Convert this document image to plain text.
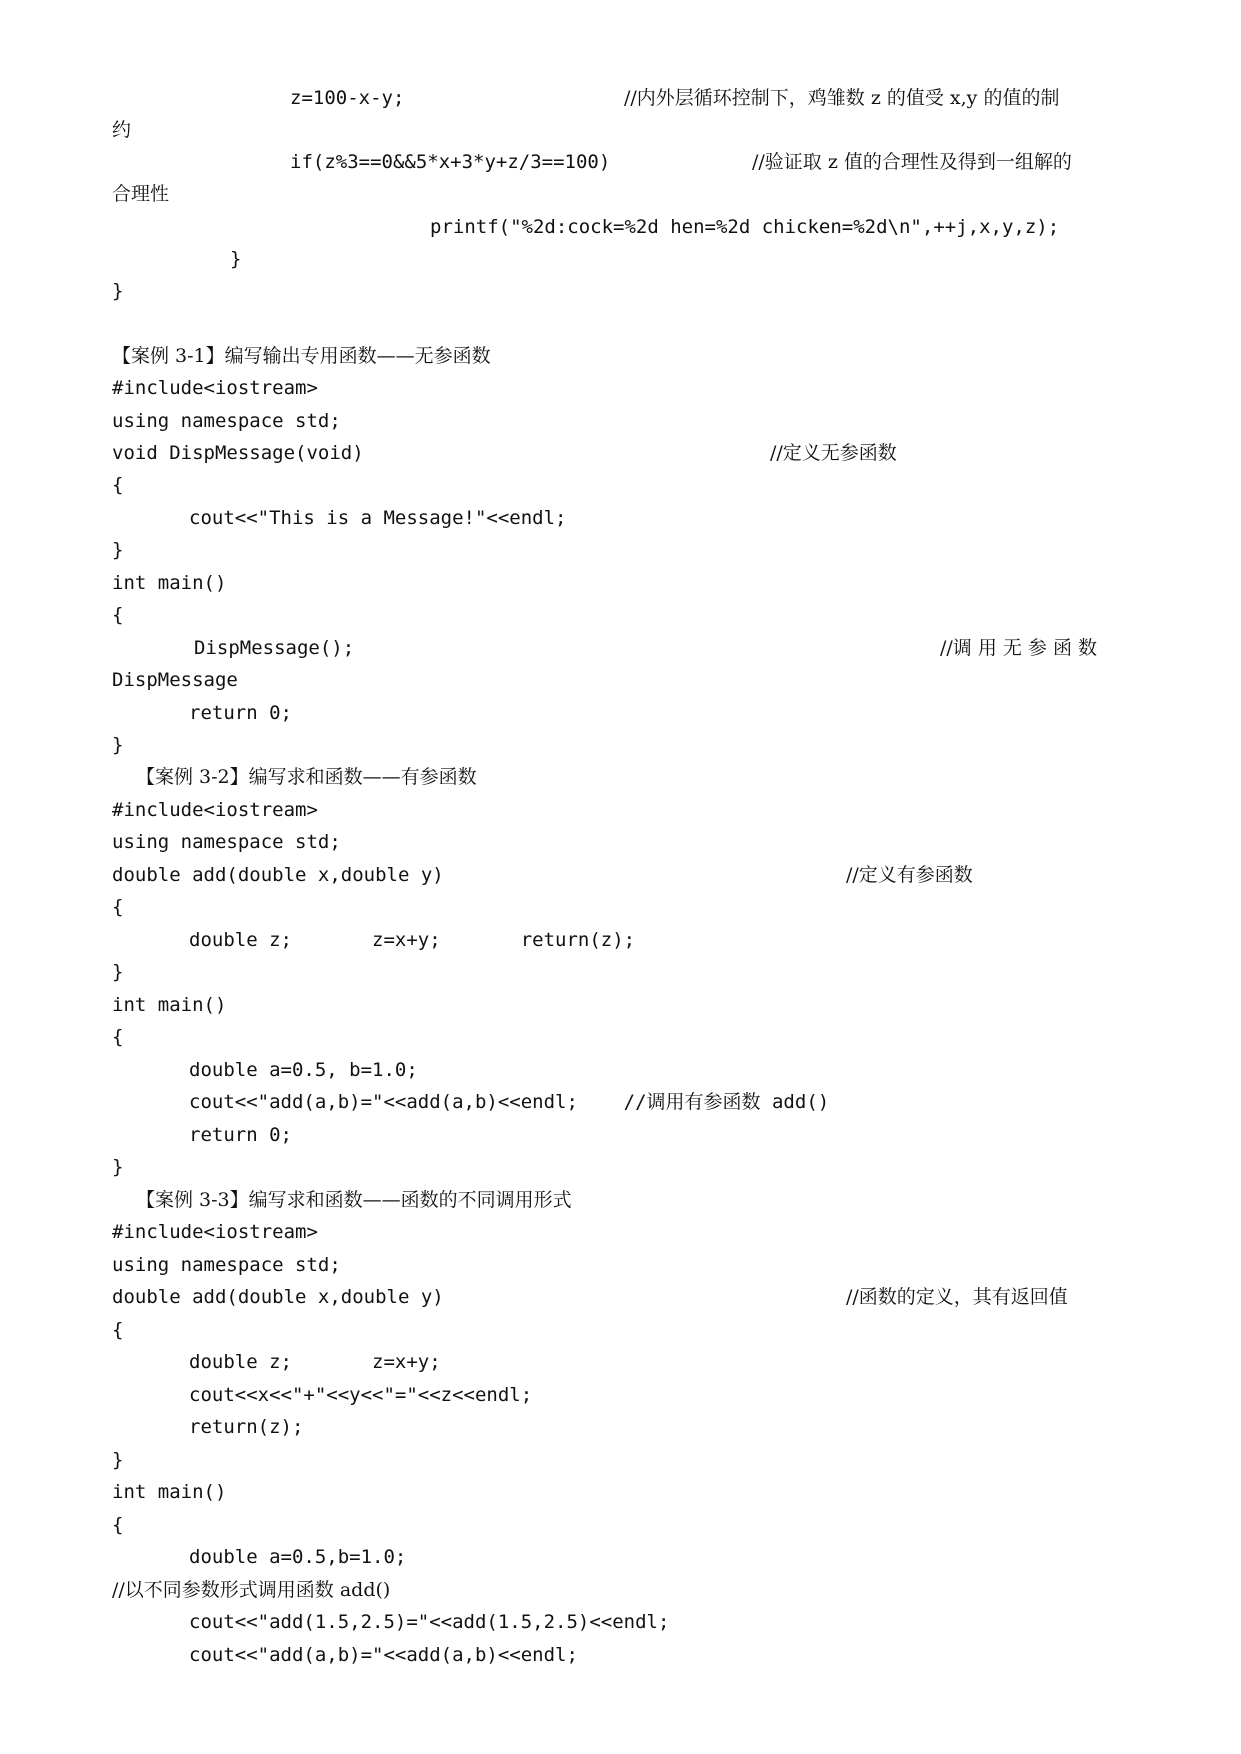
z=100-x-y;	//内外层循环控制下，鸡雏数 z 的值受 x,y 的值的制
约
if(z%3==0&&5*x+3*y+z/3==100)	//验证取 z 值的合理性及得到一组解的
合理性
printf("%2d:cock=%2d hen=%2d chicken=%2d\n",++j,x,y,z);
}
}
【案例 3-1】编写输出专用函数——无参函数
#include<iostream>
using namespace std;
void DispMessage(void)	//定义无参函数
{
cout<<"This is a Message!"<<endl;
}
int main()
{
DispMessage();	//调 用 无 参 函 数
DispMessage
return 0;
}
【案例 3-2】编写求和函数——有参函数
#include<iostream>
using namespace std;
double add(double x,double y)	//定义有参函数
{
double z;       z=x+y;       return(z);
}
int main()
{
double a=0.5, b=1.0;
cout<<"add(a,b)="<<add(a,b)<<endl;    //调用有参函数 add()
return 0;
}
【案例 3-3】编写求和函数——函数的不同调用形式
#include<iostream>
using namespace std;
double add(double x,double y)	//函数的定义，其有返回值
{
double z;       z=x+y;
cout<<x<<"+"<<y<<"="<<z<<endl;
return(z);
}
int main()
{
double a=0.5,b=1.0;
//以不同参数形式调用函数 add()
cout<<"add(1.5,2.5)="<<add(1.5,2.5)<<endl;
cout<<"add(a,b)="<<add(a,b)<<endl;
